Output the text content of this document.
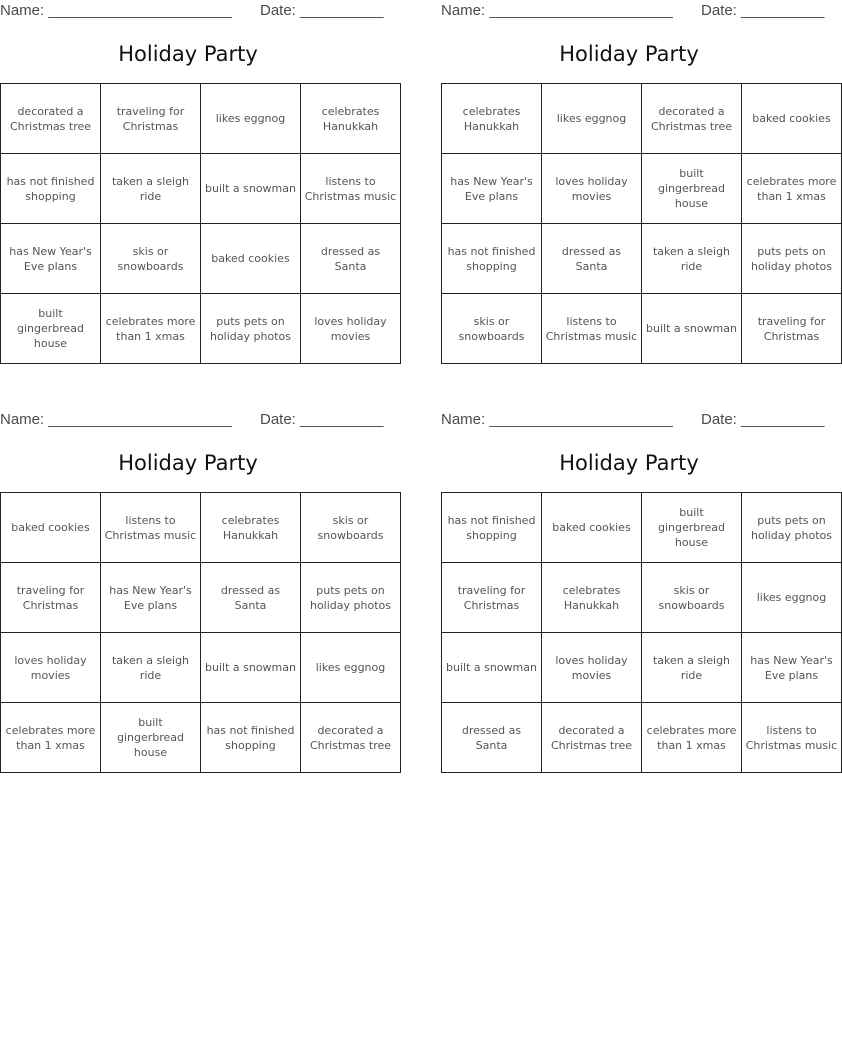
Name: ______________________ Date: __________
Holiday Party
decorated a Christmas tree	traveling for Christmas	likes eggnog	celebrates Hanukkah
has not finished shopping	taken a sleigh ride	built a snowman	listens to Christmas music
has New Year's Eve plans	skis or snowboards	baked cookies	dressed as Santa
built gingerbread house	celebrates more than 1 xmas	puts pets on holiday photos	loves holiday movies
Name: ______________________ Date: __________
Holiday Party
celebrates Hanukkah	likes eggnog	decorated a Christmas tree	baked cookies
has New Year's Eve plans	loves holiday movies	built gingerbread house	celebrates more than 1 xmas
has not finished shopping	dressed as Santa	taken a sleigh ride	puts pets on holiday photos
skis or snowboards	listens to Christmas music	built a snowman	traveling for Christmas
Name: ______________________ Date: __________
Holiday Party
baked cookies	listens to Christmas music	celebrates Hanukkah	skis or snowboards
traveling for Christmas	has New Year's Eve plans	dressed as Santa	puts pets on holiday photos
loves holiday movies	taken a sleigh ride	built a snowman	likes eggnog
celebrates more than 1 xmas	built gingerbread house	has not finished shopping	decorated a Christmas tree
Name: ______________________ Date: __________
Holiday Party
has not finished shopping	baked cookies	built gingerbread house	puts pets on holiday photos
traveling for Christmas	celebrates Hanukkah	skis or snowboards	likes eggnog
built a snowman	loves holiday movies	taken a sleigh ride	has New Year's Eve plans
dressed as Santa	decorated a Christmas tree	celebrates more than 1 xmas	listens to Christmas music
